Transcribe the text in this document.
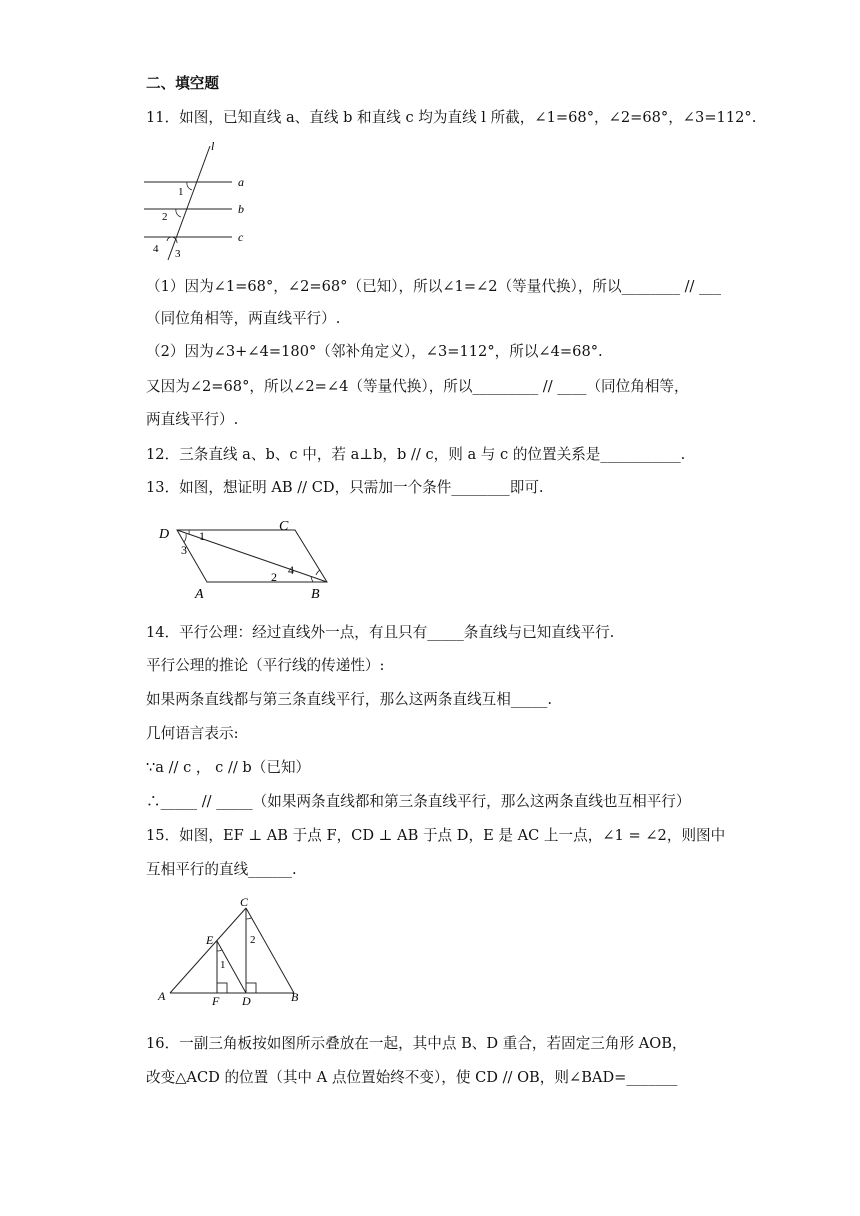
二、填空题
11．如图，已知直线 a、直线 b 和直线 c 均为直线 l 所截，∠1=68°，∠2=68°，∠3=112°.
l
a
b
c
1
2
3
4
（1）因为∠1=68°，∠2=68°（已知），所以∠1=∠2（等量代换），所以________ // ___
（同位角相等，两直线平行）.
（2）因为∠3+∠4=180°（邻补角定义），∠3=112°，所以∠4=68°.
又因为∠2=68°，所以∠2=∠4（等量代换），所以_________ // ____（同位角相等，
两直线平行）.
12．三条直线 a、b、c 中，若 a⊥b，b // c，则 a 与 c 的位置关系是___________.
13．如图，想证明 AB // CD，只需加一个条件________即可.
D
C
A	B
1
2
3
4
14．平行公理：经过直线外一点，有且只有_____条直线与已知直线平行.
平行公理的推论（平行线的传递性）:
如果两条直线都与第三条直线平行，那么这两条直线互相_____.
几何语言表示:
∵a // c ， c // b（已知）
∴_____ // _____（如果两条直线都和第三条直线平行，那么这两条直线也互相平行）
15．如图，EF ⊥ AB 于点 F，CD ⊥ AB 于点 D，E 是 AC 上一点，∠1 = ∠2，则图中
互相平行的直线______.
A	F D	B
C
E
1
2
16．一副三角板按如图所示叠放在一起，其中点 B、D 重合，若固定三角形 AOB，
改变△ACD 的位置（其中 A 点位置始终不变），使 CD // OB，则∠BAD=_______
